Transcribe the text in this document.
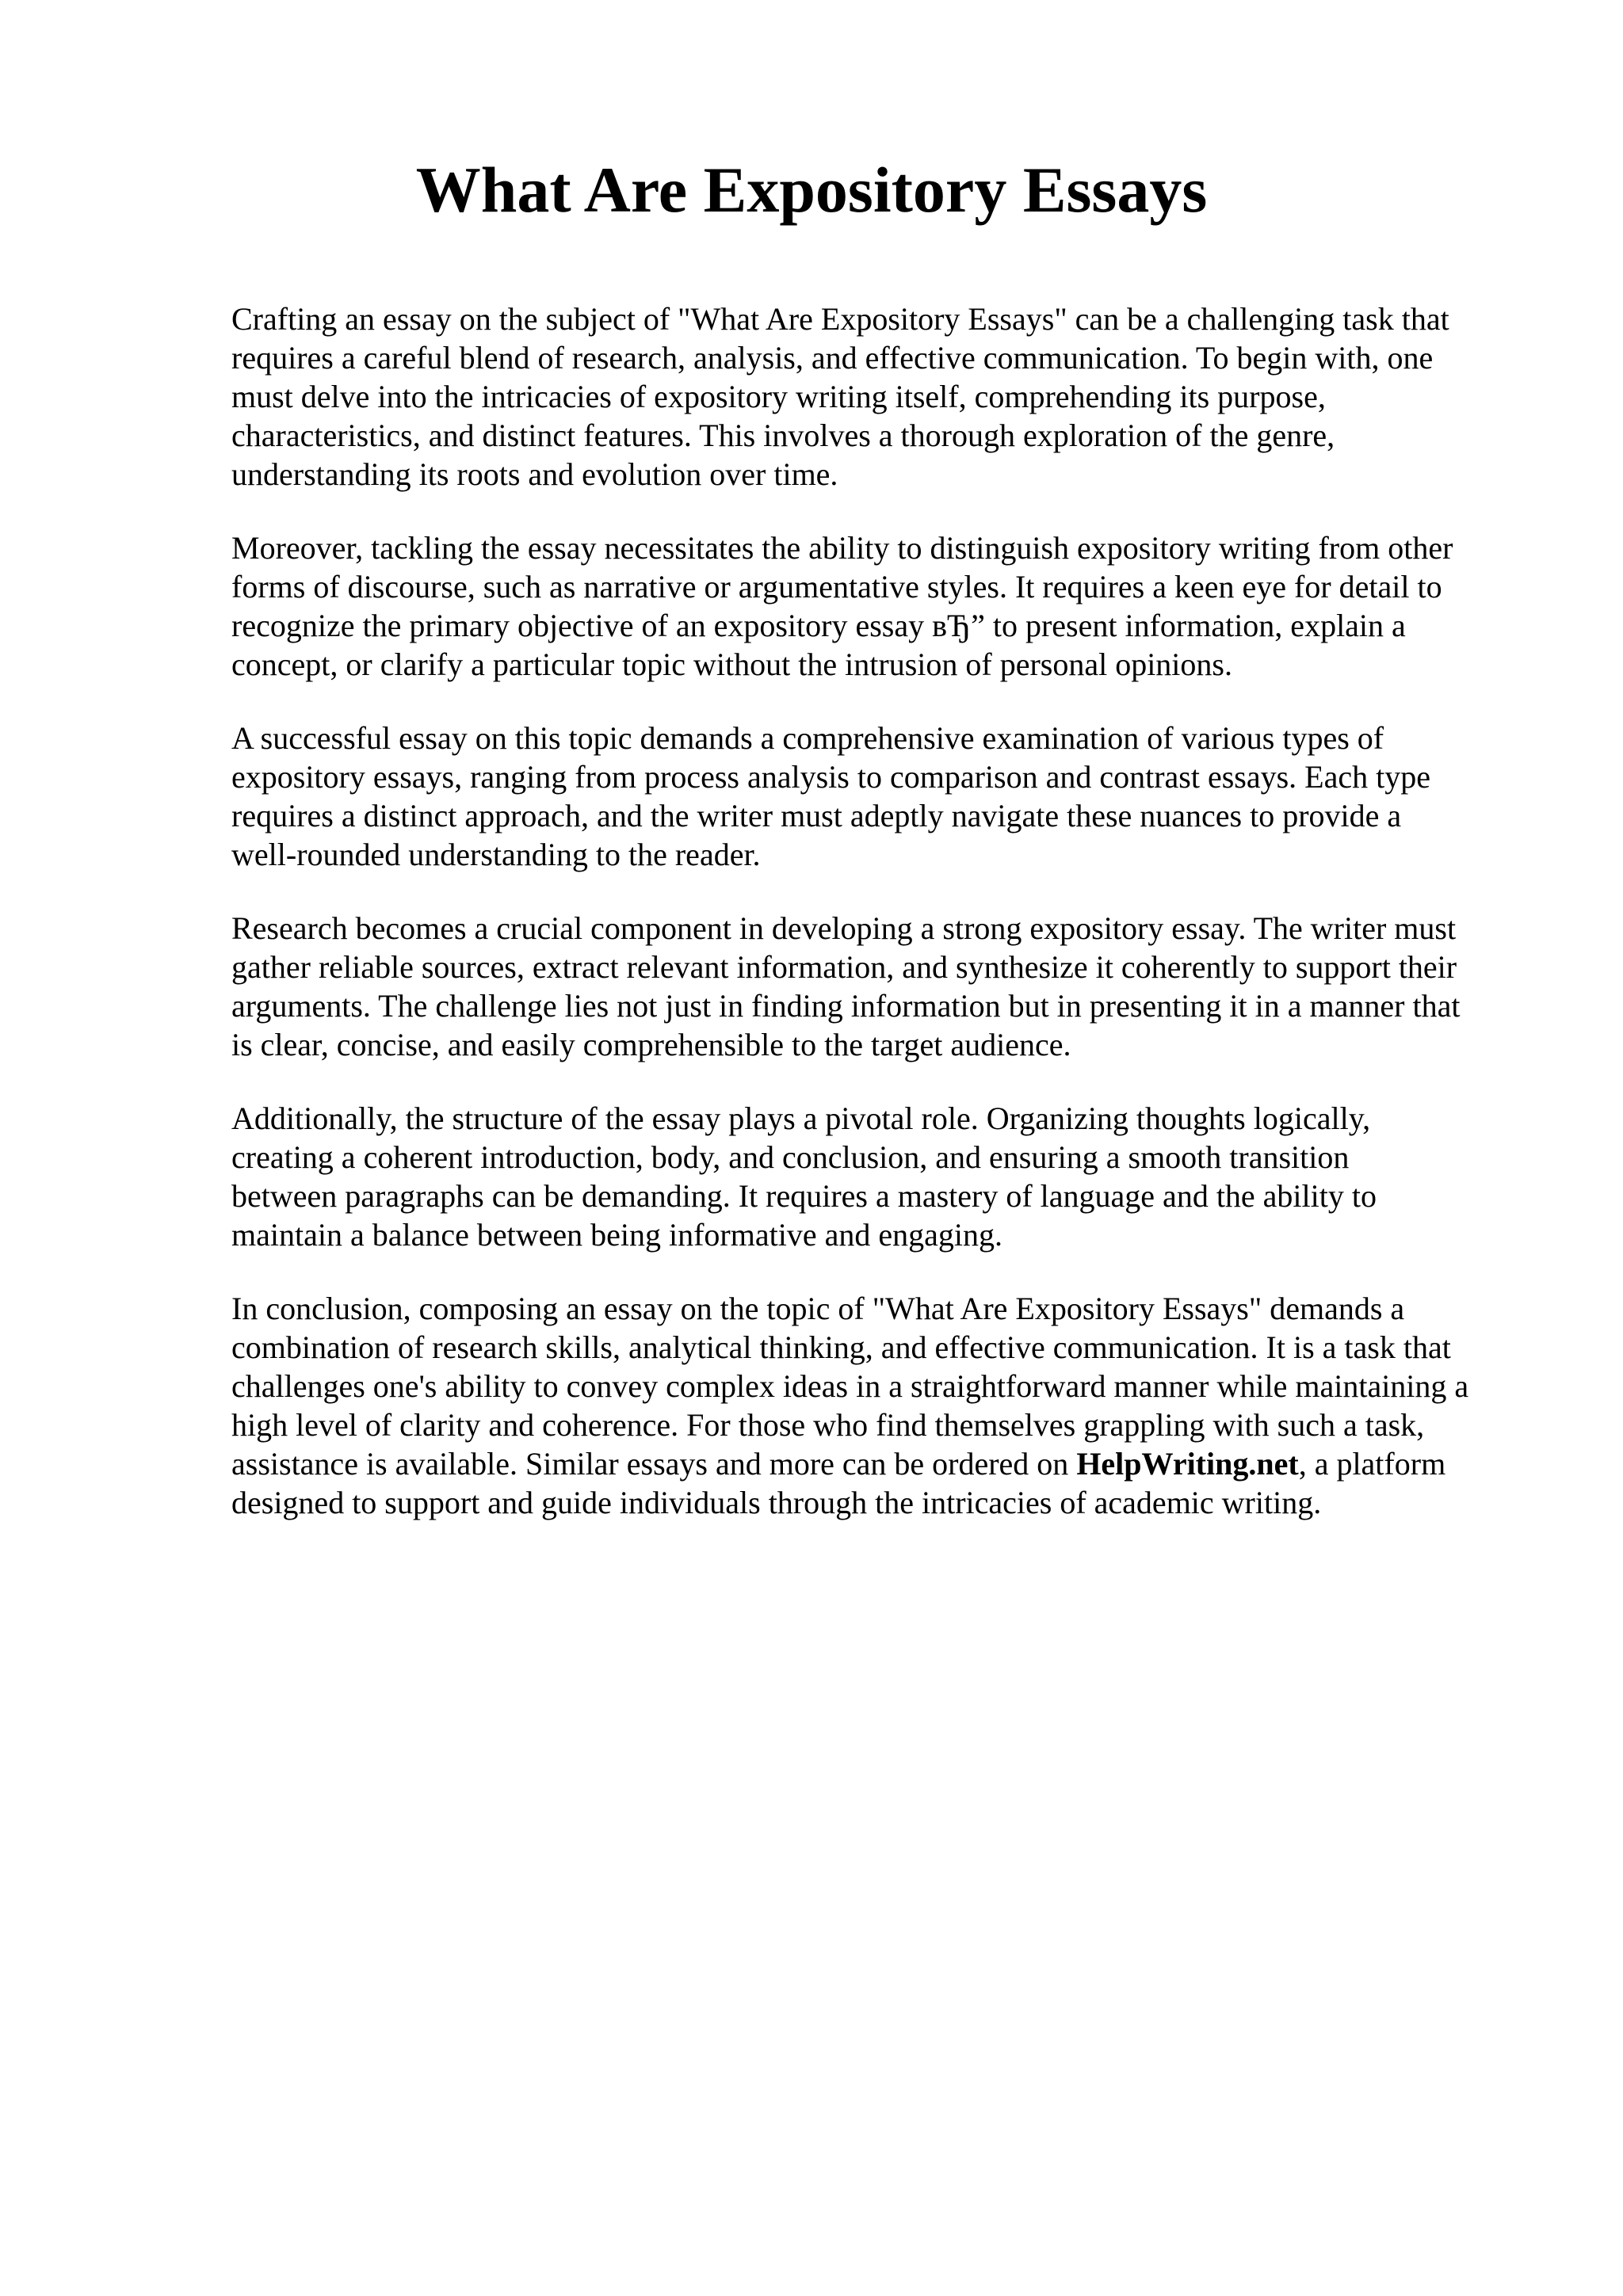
What Are Expository Essays

Crafting an essay on the subject of "What Are Expository Essays" can be a challenging task that
requires a careful blend of research, analysis, and effective communication. To begin with, one
must delve into the intricacies of expository writing itself, comprehending its purpose,
characteristics, and distinct features. This involves a thorough exploration of the genre,
understanding its roots and evolution over time.

Moreover, tackling the essay necessitates the ability to distinguish expository writing from other
forms of discourse, such as narrative or argumentative styles. It requires a keen eye for detail to
recognize the primary objective of an expository essay вЂ” to present information, explain a
concept, or clarify a particular topic without the intrusion of personal opinions.

A successful essay on this topic demands a comprehensive examination of various types of
expository essays, ranging from process analysis to comparison and contrast essays. Each type
requires a distinct approach, and the writer must adeptly navigate these nuances to provide a
well-rounded understanding to the reader.

Research becomes a crucial component in developing a strong expository essay. The writer must
gather reliable sources, extract relevant information, and synthesize it coherently to support their
arguments. The challenge lies not just in finding information but in presenting it in a manner that
is clear, concise, and easily comprehensible to the target audience.

Additionally, the structure of the essay plays a pivotal role. Organizing thoughts logically,
creating a coherent introduction, body, and conclusion, and ensuring a smooth transition
between paragraphs can be demanding. It requires a mastery of language and the ability to
maintain a balance between being informative and engaging.

In conclusion, composing an essay on the topic of "What Are Expository Essays" demands a
combination of research skills, analytical thinking, and effective communication. It is a task that
challenges one's ability to convey complex ideas in a straightforward manner while maintaining a
high level of clarity and coherence. For those who find themselves grappling with such a task,
assistance is available. Similar essays and more can be ordered on HelpWriting.net, a platform
designed to support and guide individuals through the intricacies of academic writing.
